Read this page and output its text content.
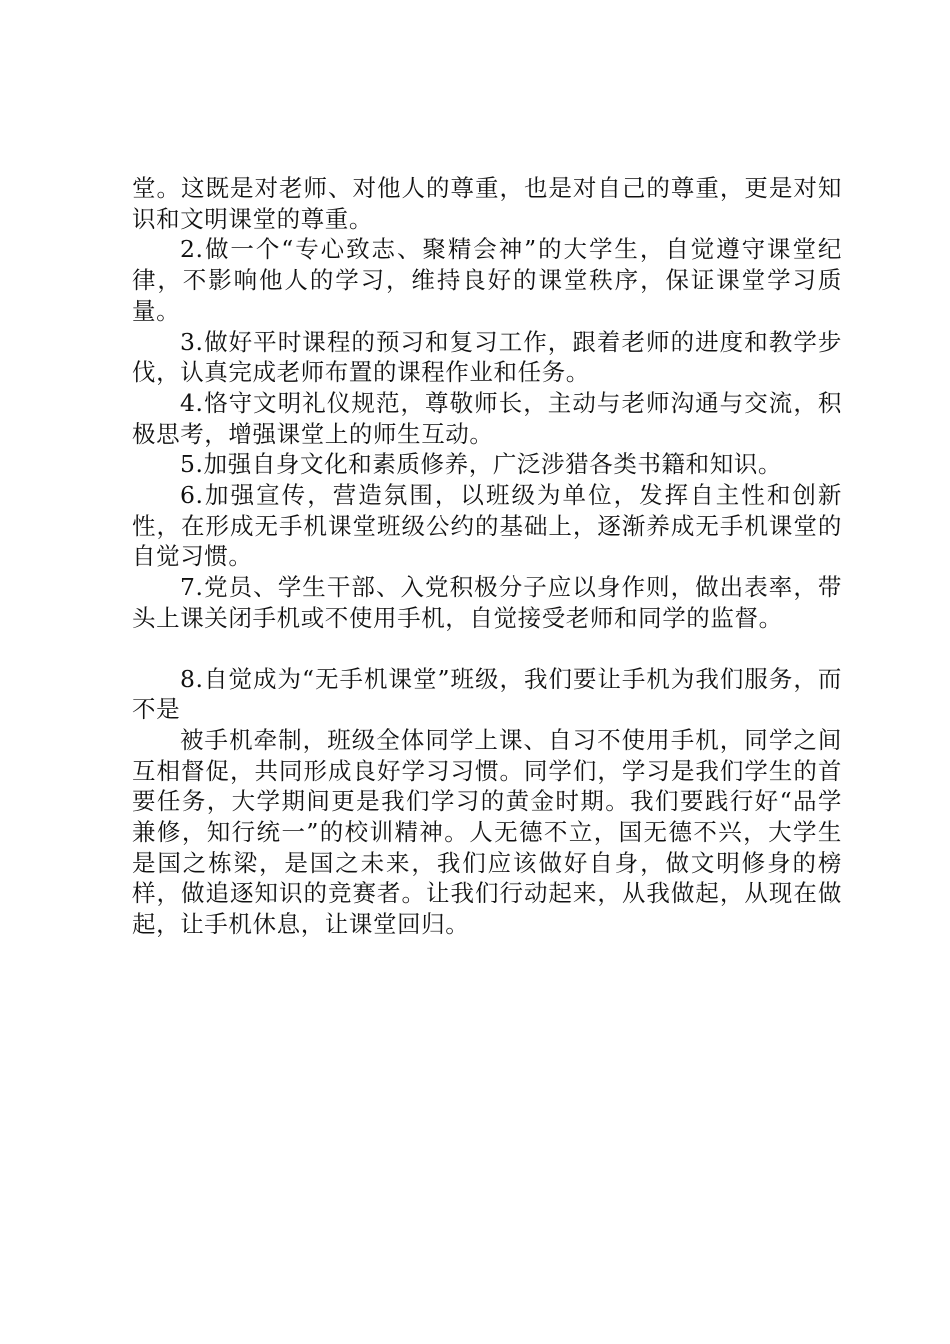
堂。这既是对老师、对他人的尊重，也是对自己的尊重，更是对知识和文明课堂的尊重。

2.做一个“专心致志、聚精会神”的大学生，自觉遵守课堂纪律，不影响他人的学习，维持良好的课堂秩序，保证课堂学习质量。

3.做好平时课程的预习和复习工作，跟着老师的进度和教学步伐，认真完成老师布置的课程作业和任务。

4.恪守文明礼仪规范，尊敬师长，主动与老师沟通与交流，积极思考，增强课堂上的师生互动。

5.加强自身文化和素质修养，广泛涉猎各类书籍和知识。

6.加强宣传，营造氛围，以班级为单位，发挥自主性和创新性，在形成无手机课堂班级公约的基础上，逐渐养成无手机课堂的自觉习惯。

7.党员、学生干部、入党积极分子应以身作则，做出表率，带头上课关闭手机或不使用手机，自觉接受老师和同学的监督。

8.自觉成为“无手机课堂”班级，我们要让手机为我们服务，而不是

被手机牵制，班级全体同学上课、自习不使用手机，同学之间互相督促，共同形成良好学习习惯。同学们，学习是我们学生的首要任务，大学期间更是我们学习的黄金时期。我们要践行好“品学兼修，知行统一”的校训精神。人无德不立，国无德不兴，大学生是国之栋梁，是国之未来，我们应该做好自身，做文明修身的榜样，做追逐知识的竞赛者。让我们行动起来，从我做起，从现在做起，让手机休息，让课堂回归。
